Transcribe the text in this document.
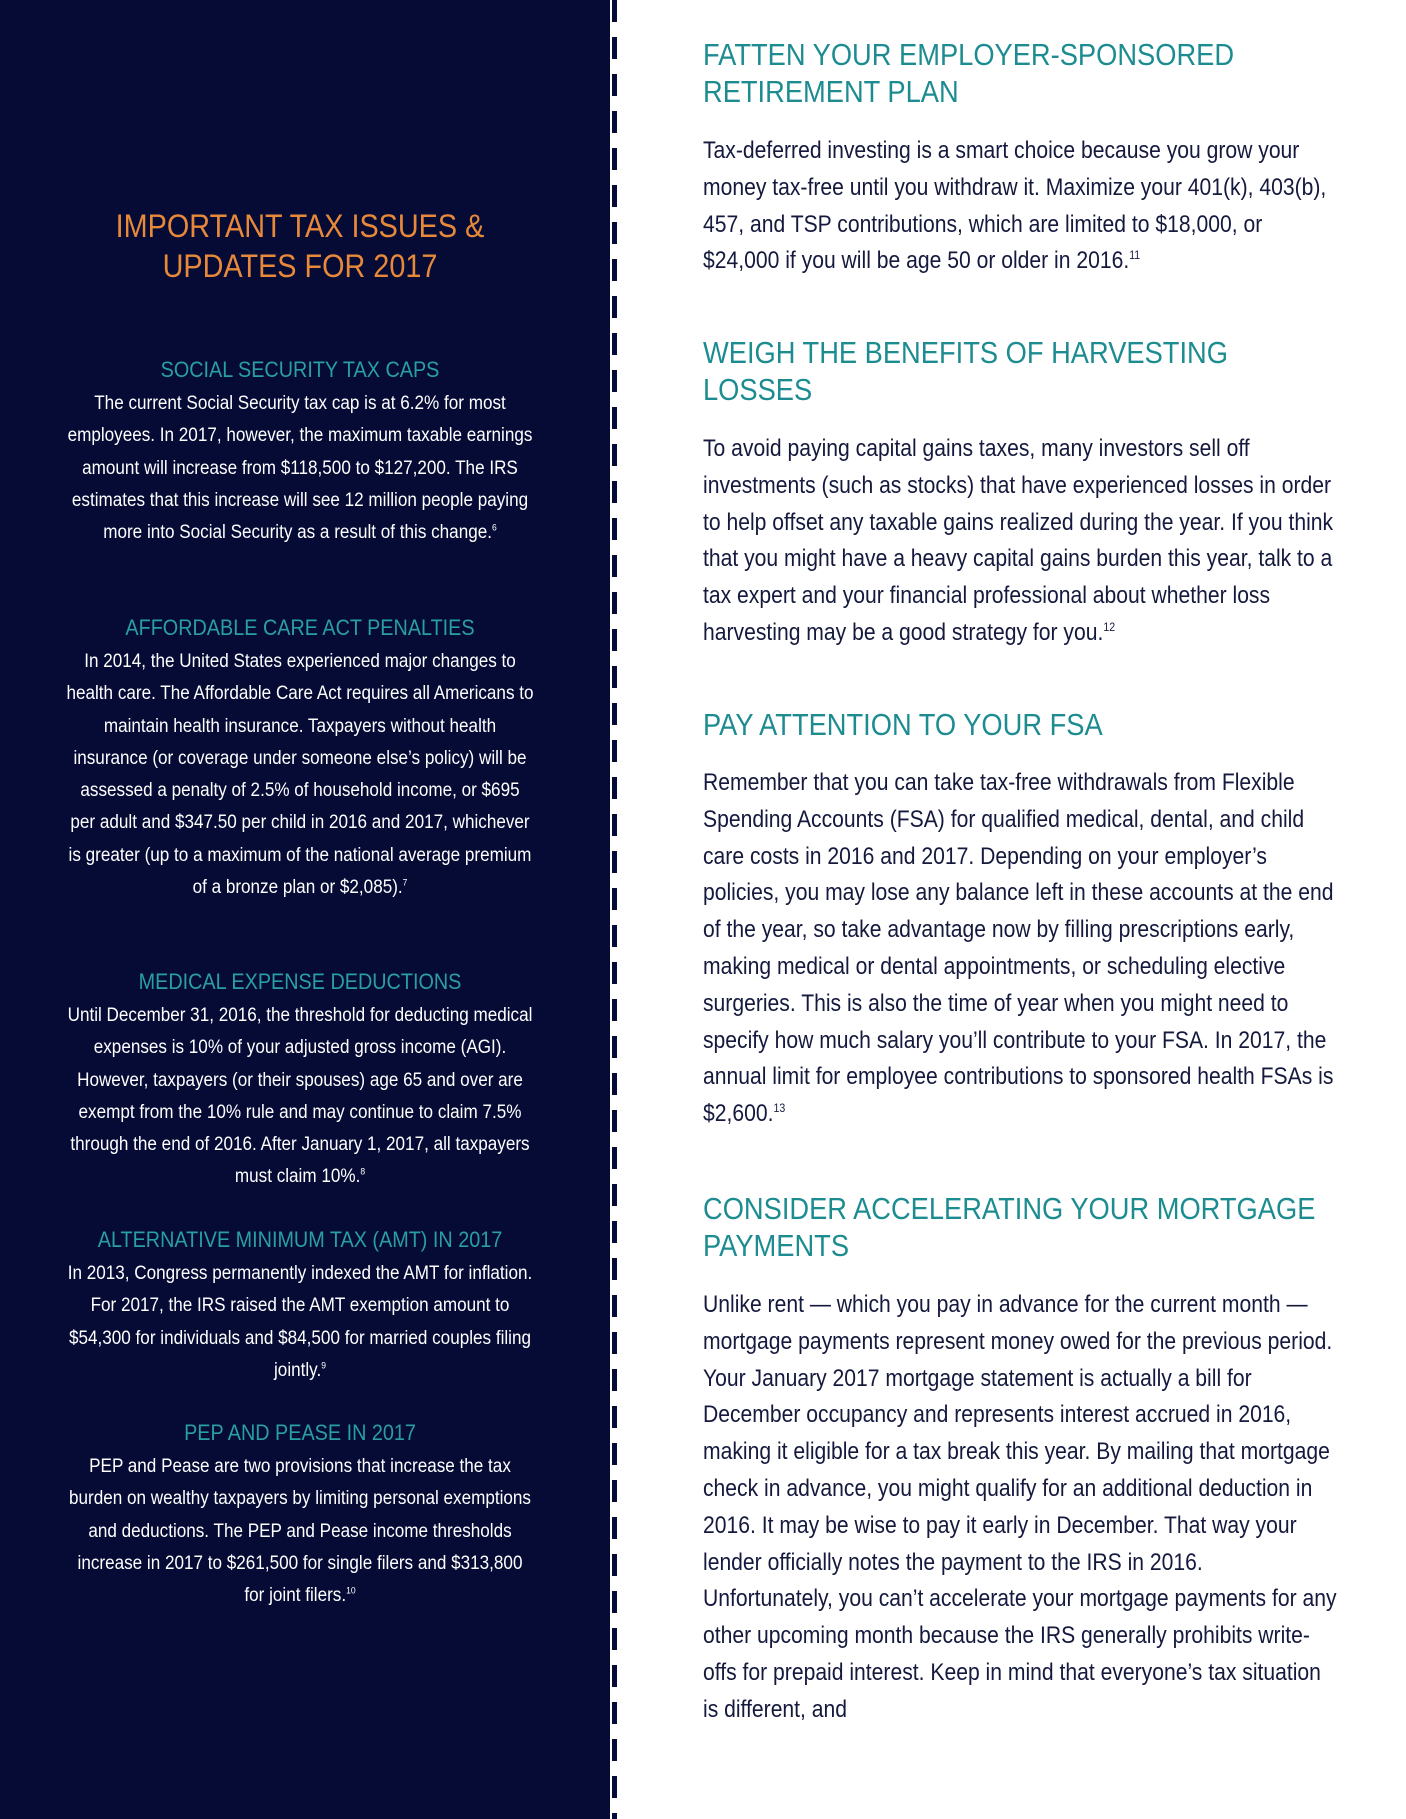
IMPORTANT TAX ISSUES & UPDATES FOR 2017
SOCIAL SECURITY TAX CAPS

The current Social Security tax cap is at 6.2% for most employees. In 2017, however, the maximum taxable earnings amount will increase from $118,500 to $127,200. The IRS estimates that this increase will see 12 million people paying more into Social Security as a result of this change.$^6$

AFFORDABLE CARE ACT PENALTIES

In 2014, the United States experienced major changes to health care. The Affordable Care Act requires all Americans to maintain health insurance. Taxpayers without health insurance (or coverage under someone else’s policy) will be assessed a penalty of 2.5% of household income, or $695 per adult and $347.50 per child in 2016 and 2017, whichever is greater (up to a maximum of the national average premium of a bronze plan or $2,085).$^7$

MEDICAL EXPENSE DEDUCTIONS

Until December 31, 2016, the threshold for deducting medical expenses is 10% of your adjusted gross income (AGI). However, taxpayers (or their spouses) age 65 and over are exempt from the 10% rule and may continue to claim 7.5% through the end of 2016. After January 1, 2017, all taxpayers must claim 10%.$^8$

ALTERNATIVE MINIMUM TAX (AMT) IN 2017

In 2013, Congress permanently indexed the AMT for inflation. For 2017, the IRS raised the AMT exemption amount to $54,300 for individuals and $84,500 for married couples filing jointly.$^9$

PEP AND PEASE IN 2017

PEP and Pease are two provisions that increase the tax burden on wealthy taxpayers by limiting personal exemptions and deductions. The PEP and Pease income thresholds increase in 2017 to $261,500 for single filers and $313,800 for joint filers.$^{10}$

FATTEN YOUR EMPLOYER-SPONSORED RETIREMENT PLAN

Tax-deferred investing is a smart choice because you grow your money tax-free until you withdraw it. Maximize your 401(k), 403(b), 457, and TSP contributions, which are limited to $18,000, or $24,000 if you will be age 50 or older in 2016.11

WEIGH THE BENEFITS OF HARVESTING LOSSES

To avoid paying capital gains taxes, many investors sell off investments (such as stocks) that have experienced losses in order to help offset any taxable gains realized during the year. If you think that you might have a heavy capital gains burden this year, talk to a tax expert and your financial professional about whether loss harvesting may be a good strategy for you.$^{12}$

PAY ATTENTION TO YOUR FSA

Remember that you can take tax-free withdrawals from Flexible Spending Accounts (FSA) for qualified medical, dental, and child care costs in 2016 and 2017. Depending on your employer’s policies, you may lose any balance left in these accounts at the end of the year, so take advantage now by filling prescriptions early, making medical or dental appointments, or scheduling elective surgeries. This is also the time of year when you might need to specify how much salary you’ll contribute to your FSA. In 2017, the annual limit for employee contributions to sponsored health FSAs is $2,600.13

CONSIDER ACCELERATING YOUR MORTGAGE PAYMENTS

Unlike rent — which you pay in advance for the current month — mortgage payments represent money owed for the previous period. Your January 2017 mortgage statement is actually a bill for December occupancy and represents interest accrued in 2016, making it eligible for a tax break this year. By mailing that mortgage check in advance, you might qualify for an additional deduction in 2016. It may be wise to pay it early in December. That way your lender officially notes the payment to the IRS in 2016. Unfortunately, you can’t accelerate your mortgage payments for any other upcoming month because the IRS generally prohibits write-offs for prepaid interest. Keep in mind that everyone’s tax situation is different, and
